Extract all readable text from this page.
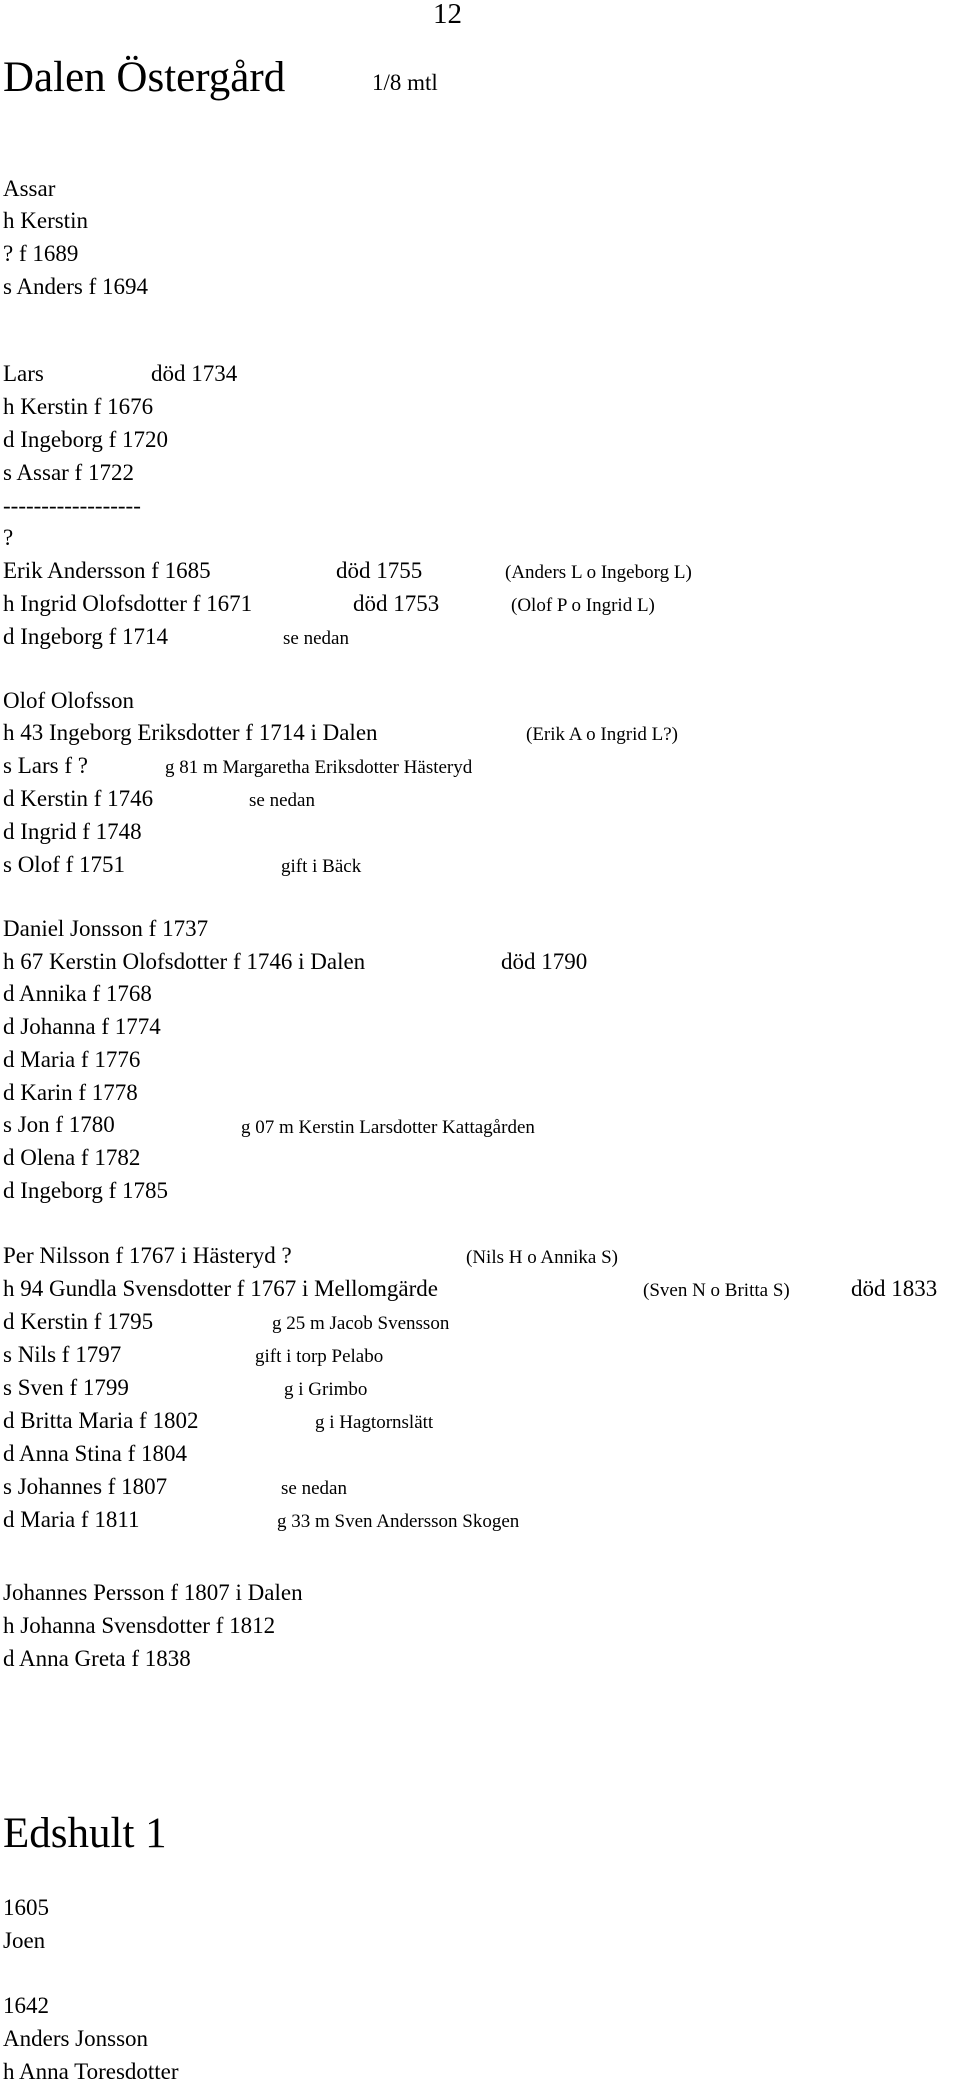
12
Dalen Östergård	1/8 mtl
Assar
h Kerstin
? f 1689
s Anders f 1694
Lars	död 1734
h Kerstin f 1676
d Ingeborg f 1720
s Assar f 1722
------------------
?
Erik Andersson f 1685	död 1755	(Anders L o Ingeborg L)
h Ingrid Olofsdotter f 1671	död 1753	(Olof P o Ingrid L)
d Ingeborg f 1714	se nedan
Olof Olofsson
h 43 Ingeborg Eriksdotter f 1714 i Dalen	(Erik A o Ingrid L?)
s Lars f ?	g 81 m Margaretha Eriksdotter Hästeryd
d Kerstin f 1746	se nedan
d Ingrid f 1748
s Olof f 1751	gift i Bäck
Daniel Jonsson f 1737
h 67 Kerstin Olofsdotter f 1746 i Dalen	död 1790
d Annika f 1768
d Johanna f 1774
d Maria f 1776
d Karin f 1778
s Jon f 1780	g 07 m Kerstin Larsdotter Kattagården
d Olena f 1782
d Ingeborg f 1785
Per Nilsson f 1767 i Hästeryd ?	(Nils H o Annika S)
h 94 Gundla Svensdotter f 1767 i Mellomgärde	(Sven N o Britta S)	död 1833
d Kerstin f 1795	g 25 m Jacob Svensson
s Nils f 1797	gift i torp Pelabo
s Sven f 1799	g i Grimbo
d Britta Maria f 1802	g i Hagtornslätt
d Anna Stina f 1804
s Johannes f 1807	se nedan
d Maria f 1811	g 33 m Sven Andersson Skogen
Johannes Persson f 1807 i Dalen
h Johanna Svensdotter f 1812
d Anna Greta f 1838
Edshult 1
1605
Joen
1642
Anders Jonsson
h Anna Toresdotter
